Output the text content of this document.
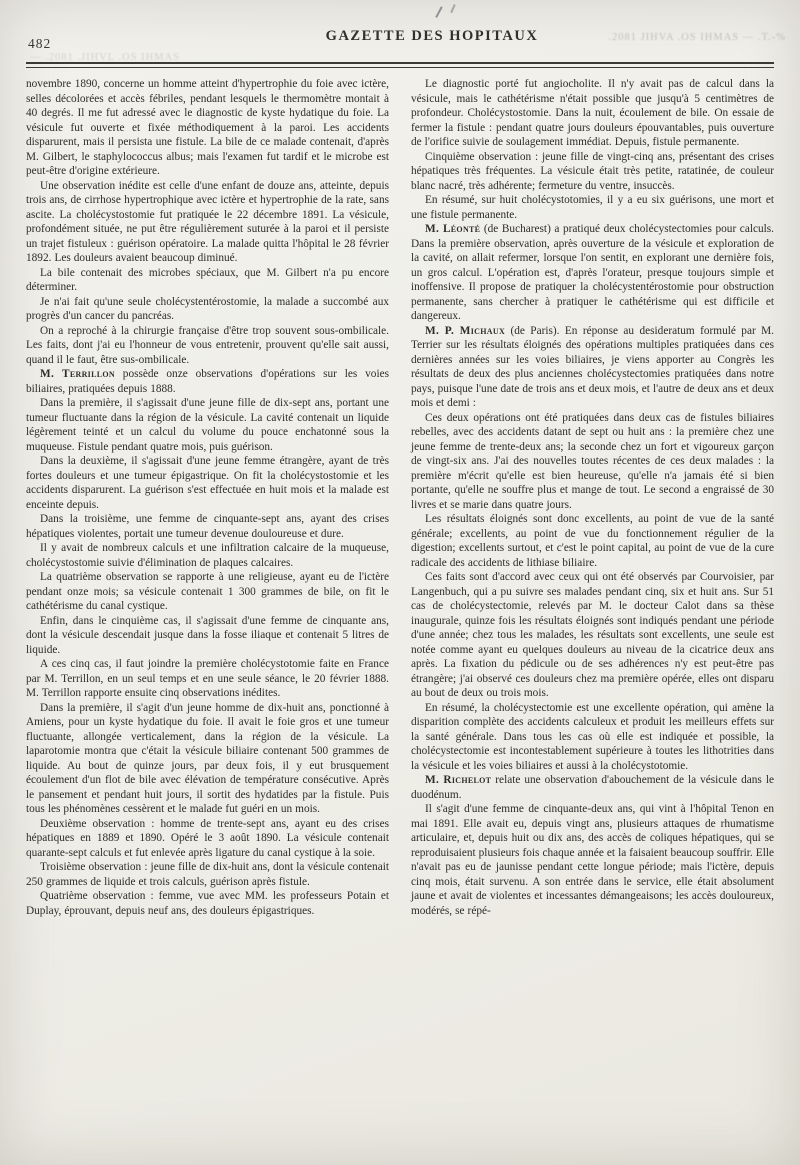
482	GAZETTE DES HOPITAUX	.2081 JIHVA .OS IHMAS — .T.-%
— .2081 .JIHVL .OS IHMAS

novembre 1890, concerne un homme atteint d'hypertrophie du foie avec ictère, selles décolorées et accès fébriles, pendant lesquels le thermomètre montait à 40 degrés. Il me fut adressé avec le diagnostic de kyste hydatique du foie. La vésicule fut ouverte et fixée méthodiquement à la paroi. Les accidents disparurent, mais il persista une fistule. La bile de ce malade contenait, d'après M. Gilbert, le staphylococcus albus; mais l'examen fut tardif et le microbe est peut-être d'origine extérieure.

Une observation inédite est celle d'une enfant de douze ans, atteinte, depuis trois ans, de cirrhose hypertrophique avec ictère et hypertrophie de la rate, sans ascite. La cholécystostomie fut pratiquée le 22 décembre 1891. La vésicule, profondément située, ne put être régulièrement suturée à la paroi et il persiste un trajet fistuleux : guérison opératoire. La malade quitta l'hôpital le 28 février 1892. Les douleurs avaient beaucoup diminué.

La bile contenait des microbes spéciaux, que M. Gilbert n'a pu encore déterminer.

Je n'ai fait qu'une seule cholécystentérostomie, la malade a succombé aux progrès d'un cancer du pancréas.

On a reproché à la chirurgie française d'être trop souvent sous-ombilicale. Les faits, dont j'ai eu l'honneur de vous entretenir, prouvent qu'elle sait aussi, quand il le faut, être sus-ombilicale.

M. Terrillon possède onze observations d'opérations sur les voies biliaires, pratiquées depuis 1888.

Dans la première, il s'agissait d'une jeune fille de dix-sept ans, portant une tumeur fluctuante dans la région de la vésicule. La cavité contenait un liquide légèrement teinté et un calcul du volume du pouce enchatonné sous la muqueuse. Fistule pendant quatre mois, puis guérison.

Dans la deuxième, il s'agissait d'une jeune femme étrangère, ayant de très fortes douleurs et une tumeur épigastrique. On fit la cholécystostomie et les accidents disparurent. La guérison s'est effectuée en huit mois et la malade est enceinte depuis.

Dans la troisième, une femme de cinquante-sept ans, ayant des crises hépatiques violentes, portait une tumeur devenue douloureuse et dure.

Il y avait de nombreux calculs et une infiltration calcaire de la muqueuse, cholécystostomie suivie d'élimination de plaques calcaires.

La quatrième observation se rapporte à une religieuse, ayant eu de l'ictère pendant onze mois; sa vésicule contenait 1 300 grammes de bile, on fit le cathétérisme du canal cystique.

Enfin, dans le cinquième cas, il s'agissait d'une femme de cinquante ans, dont la vésicule descendait jusque dans la fosse iliaque et contenait 5 litres de liquide.

A ces cinq cas, il faut joindre la première cholécystotomie faite en France par M. Terrillon, en un seul temps et en une seule séance, le 20 février 1888. M. Terrillon rapporte ensuite cinq observations inédites.

Dans la première, il s'agit d'un jeune homme de dix-huit ans, ponctionné à Amiens, pour un kyste hydatique du foie. Il avait le foie gros et une tumeur fluctuante, allongée verticalement, dans la région de la vésicule. La laparotomie montra que c'était la vésicule biliaire contenant 500 grammes de liquide. Au bout de quinze jours, par deux fois, il y eut brusquement écoulement d'un flot de bile avec élévation de température consécutive. Après le pansement et pendant huit jours, il sortit des hydatides par la fistule. Puis tous les phénomènes cessèrent et le malade fut guéri en un mois.

Deuxième observation : homme de trente-sept ans, ayant eu des crises hépatiques en 1889 et 1890. Opéré le 3 août 1890. La vésicule contenait quarante-sept calculs et fut enlevée après ligature du canal cystique à la soie.

Troisième observation : jeune fille de dix-huit ans, dont la vésicule contenait 250 grammes de liquide et trois calculs, guérison après fistule.

Quatrième observation : femme, vue avec MM. les professeurs Potain et Duplay, éprouvant, depuis neuf ans, des douleurs épigastriques.

Le diagnostic porté fut angiocholite. Il n'y avait pas de calcul dans la vésicule, mais le cathétérisme n'était possible que jusqu'à 5 centimètres de profondeur. Cholécystostomie. Dans la nuit, écoulement de bile. On essaie de fermer la fistule : pendant quatre jours douleurs épouvantables, puis ouverture de l'orifice suivie de soulagement immédiat. Depuis, fistule permanente.

Cinquième observation : jeune fille de vingt-cinq ans, présentant des crises hépatiques très fréquentes. La vésicule était très petite, ratatinée, de couleur blanc nacré, très adhérente; fermeture du ventre, insuccès.

En résumé, sur huit cholécystotomies, il y a eu six guérisons, une mort et une fistule permanente.

M. Léonté (de Bucharest) a pratiqué deux cholécystectomies pour calculs. Dans la première observation, après ouverture de la vésicule et exploration de la cavité, on allait refermer, lorsque l'on sentit, en explorant une dernière fois, un gros calcul. L'opération est, d'après l'orateur, presque toujours simple et inoffensive. Il propose de pratiquer la cholécystentérostomie pour obstruction permanente, sans chercher à pratiquer le cathétérisme qui est difficile et dangereux.

M. P. Michaux (de Paris). En réponse au desideratum formulé par M. Terrier sur les résultats éloignés des opérations multiples pratiquées dans ces dernières années sur les voies biliaires, je viens apporter au Congrès les résultats de deux des plus anciennes cholécystectomies pratiquées dans notre pays, puisque l'une date de trois ans et deux mois, et l'autre de deux ans et deux mois et demi :

Ces deux opérations ont été pratiquées dans deux cas de fistules biliaires rebelles, avec des accidents datant de sept ou huit ans : la première chez une jeune femme de trente-deux ans; la seconde chez un fort et vigoureux garçon de vingt-six ans. J'ai des nouvelles toutes récentes de ces deux malades : la première m'écrit qu'elle est bien heureuse, qu'elle n'a jamais été si bien portante, qu'elle ne souffre plus et mange de tout. Le second a engraissé de 30 livres et se marie dans quatre jours.

Les résultats éloignés sont donc excellents, au point de vue de la santé générale; excellents, au point de vue du fonctionnement régulier de la digestion; excellents surtout, et c'est le point capital, au point de vue de la cure radicale des accidents de lithiase biliaire.

Ces faits sont d'accord avec ceux qui ont été observés par Courvoisier, par Langenbuch, qui a pu suivre ses malades pendant cinq, six et huit ans. Sur 51 cas de cholécystectomie, relevés par M. le docteur Calot dans sa thèse inaugurale, quinze fois les résultats éloignés sont indiqués pendant une période d'une année; chez tous les malades, les résultats sont excellents, une seule est notée comme ayant eu quelques douleurs au niveau de la cicatrice deux ans après. La fixation du pédicule ou de ses adhérences n'y est peut-être pas étrangère; j'ai observé ces douleurs chez ma première opérée, elles ont disparu au bout de deux ou trois mois.

En résumé, la cholécystectomie est une excellente opération, qui amène la disparition complète des accidents calculeux et produit les meilleurs effets sur la santé générale. Dans tous les cas où elle est indiquée et possible, la cholécystectomie est incontestablement supérieure à toutes les lithotrities dans la vésicule et les voies biliaires et aussi à la cholécystotomie.

M. Richelot relate une observation d'abouchement de la vésicule dans le duodénum.

Il s'agit d'une femme de cinquante-deux ans, qui vint à l'hôpital Tenon en mai 1891. Elle avait eu, depuis vingt ans, plusieurs attaques de rhumatisme articulaire, et, depuis huit ou dix ans, des accès de coliques hépatiques, qui se reproduisaient plusieurs fois chaque année et la faisaient beaucoup souffrir. Elle n'avait pas eu de jaunisse pendant cette longue période; mais l'ictère, depuis cinq mois, était survenu. A son entrée dans le service, elle était absolument jaune et avait de violentes et incessantes démangeaisons; les accès douloureux, modérés, se répé-
